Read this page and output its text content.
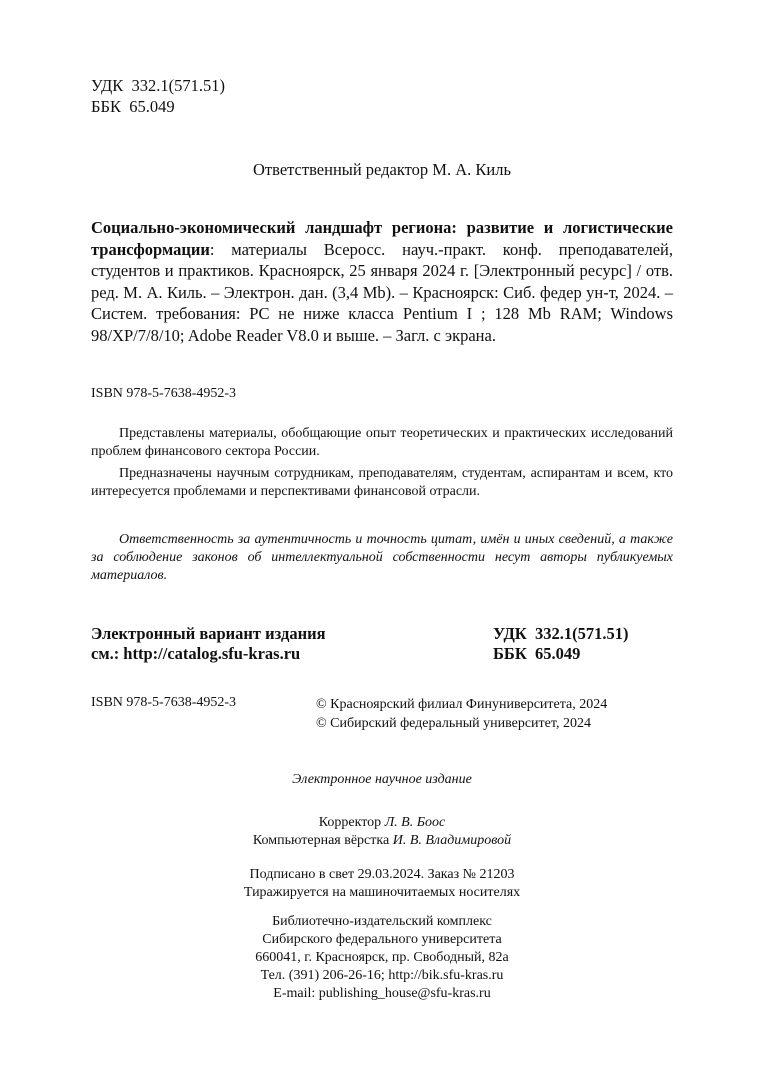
УДК  332.1(571.51)
ББК  65.049
Ответственный редактор М. А. Киль
Социально-экономический ландшафт региона: развитие и логистические трансформации: материалы Всеросс. науч.-практ. конф. преподавателей, студентов и практиков. Красноярск, 25 января 2024 г. [Электронный ресурс] / отв. ред. М. А. Киль. – Электрон. дан. (3,4 Mb). – Красноярск: Сиб. федер ун-т, 2024. – Систем. требования: PC не ниже класса Pentium I ; 128 Mb RAM; Windows 98/XP/7/8/10; Adobe Reader V8.0 и выше. – Загл. с экрана.
ISBN 978-5-7638-4952-3

Представлены материалы, обобщающие опыт теоретических и практических исследований проблем финансового сектора России.

Предназначены научным сотрудникам, преподавателям, студентам, аспирантам и всем, кто интересуется проблемами и перспективами финансовой отрасли.

Ответственность за аутентичность и точность цитат, имён и иных сведений, а также за соблюдение законов об интеллектуальной собственности несут авторы публикуемых материалов.
Электронный вариант издания
см.: http://catalog.sfu-kras.ru
УДК  332.1(571.51)
ББК  65.049
ISBN 978-5-7638-4952-3	© Красноярский филиал Финуниверситета, 2024
© Сибирский федеральный университет, 2024
Электронное научное издание
Корректор Л. В. Боос
Компьютерная вёрстка И. В. Владимировой
Подписано в свет 29.03.2024. Заказ № 21203
Тиражируется на машиночитаемых носителях
Библиотечно-издательский комплекс
Сибирского федерального университета
660041, г. Красноярск, пр. Свободный, 82а
Тел. (391) 206-26-16; http://bik.sfu-kras.ru
E-mail: publishing_house@sfu-kras.ru
